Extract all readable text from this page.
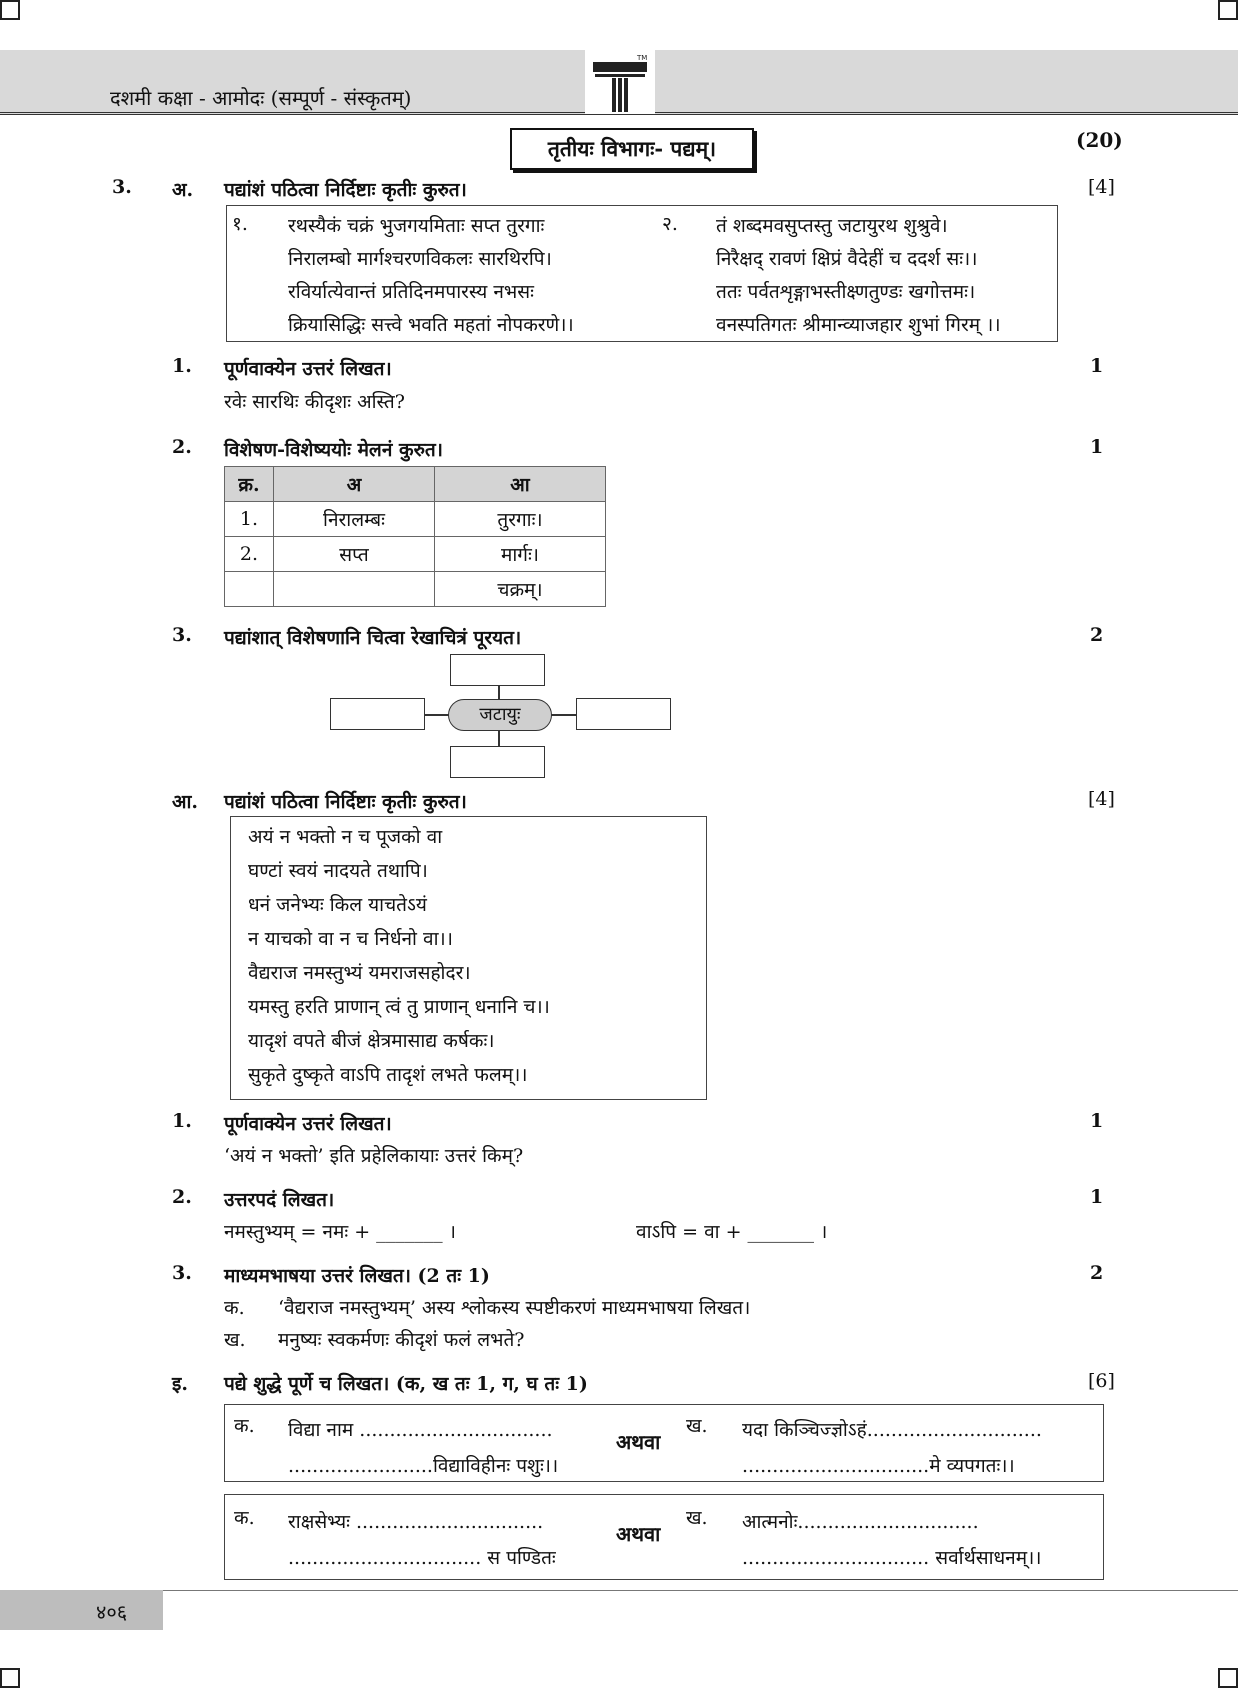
दशमी कक्षा - आमोदः (सम्पूर्ण - संस्कृतम्)
TM
तृतीयः विभागः- पद्यम्।	(20)
3. अ. पद्यांशं पठित्वा निर्दिष्टाः कृतीः कुरुत।	[4]
१. रथस्यैकं चक्रं भुजगयमिताः सप्त तुरगाः
निरालम्बो मार्गश्चरणविकलः सारथिरपि।
रविर्यात्येवान्तं प्रतिदिनमपारस्य नभसः
क्रियासिद्धिः सत्त्वे भवति महतां नोपकरणे।।
२. तं शब्दमवसुप्तस्तु जटायुरथ शुश्रुवे।
निरैक्षद् रावणं क्षिप्रं वैदेहीं च ददर्श सः।।
ततः पर्वतशृङ्गाभस्तीक्ष्णतुण्डः खगोत्तमः।
वनस्पतिगतः श्रीमान्व्याजहार शुभां गिरम् ।।
1. पूर्णवाक्येन उत्तरं लिखत।	1
रवेः सारथिः कीदृशः अस्ति?
2. विशेषण-विशेष्ययोः मेलनं कुरुत।	1
क्र.	अ	आ
1.	निरालम्बः	तुरगाः।
2.	सप्त	मार्गः।
		चक्रम्।
3. पद्यांशात् विशेषणानि चित्वा रेखाचित्रं पूरयत।	2
जटायुः
आ. पद्यांशं पठित्वा निर्दिष्टाः कृतीः कुरुत।	[4]
अयं न भक्तो न च पूजको वा
घण्टां स्वयं नादयते तथापि।
धनं जनेभ्यः किल याचतेऽयं
न याचको वा न च निर्धनो वा।।
वैद्यराज नमस्तुभ्यं यमराजसहोदर।
यमस्तु हरति प्राणान् त्वं तु प्राणान् धनानि च।।
यादृशं वपते बीजं क्षेत्रमासाद्य कर्षकः।
सुकृते दुष्कृते वाऽपि तादृशं लभते फलम्।।
1. पूर्णवाक्येन उत्तरं लिखत।	1
‘अयं न भक्तो’ इति प्रहेलिकायाः उत्तरं किम्?
2. उत्तरपदं लिखत।	1
नमस्तुभ्यम् = नमः + _______ ।	वाऽपि = वा + _______ ।
3. माध्यमभाषया उत्तरं लिखत। (2 तः 1)	2
क. ‘वैद्यराज नमस्तुभ्यम्’ अस्य श्लोकस्य स्पष्टीकरणं माध्यमभाषया लिखत।
ख. मनुष्यः स्वकर्मणः कीदृशं फलं लभते?
इ. पद्ये शुद्धे पूर्णे च लिखत। (क, ख तः 1, ग, घ तः 1)	[6]
क. विद्या नाम ................................
........................विद्याविहीनः पशुः।।
अथवा
ख. यदा किञ्चिज्ज्ञोऽहं.............................
...............................मे व्यपगतः।।
क. राक्षसेभ्यः ...............................
................................ स पण्डितः
अथवा
ख. आत्मनोः..............................
............................... सर्वार्थसाधनम्।।
४०६
